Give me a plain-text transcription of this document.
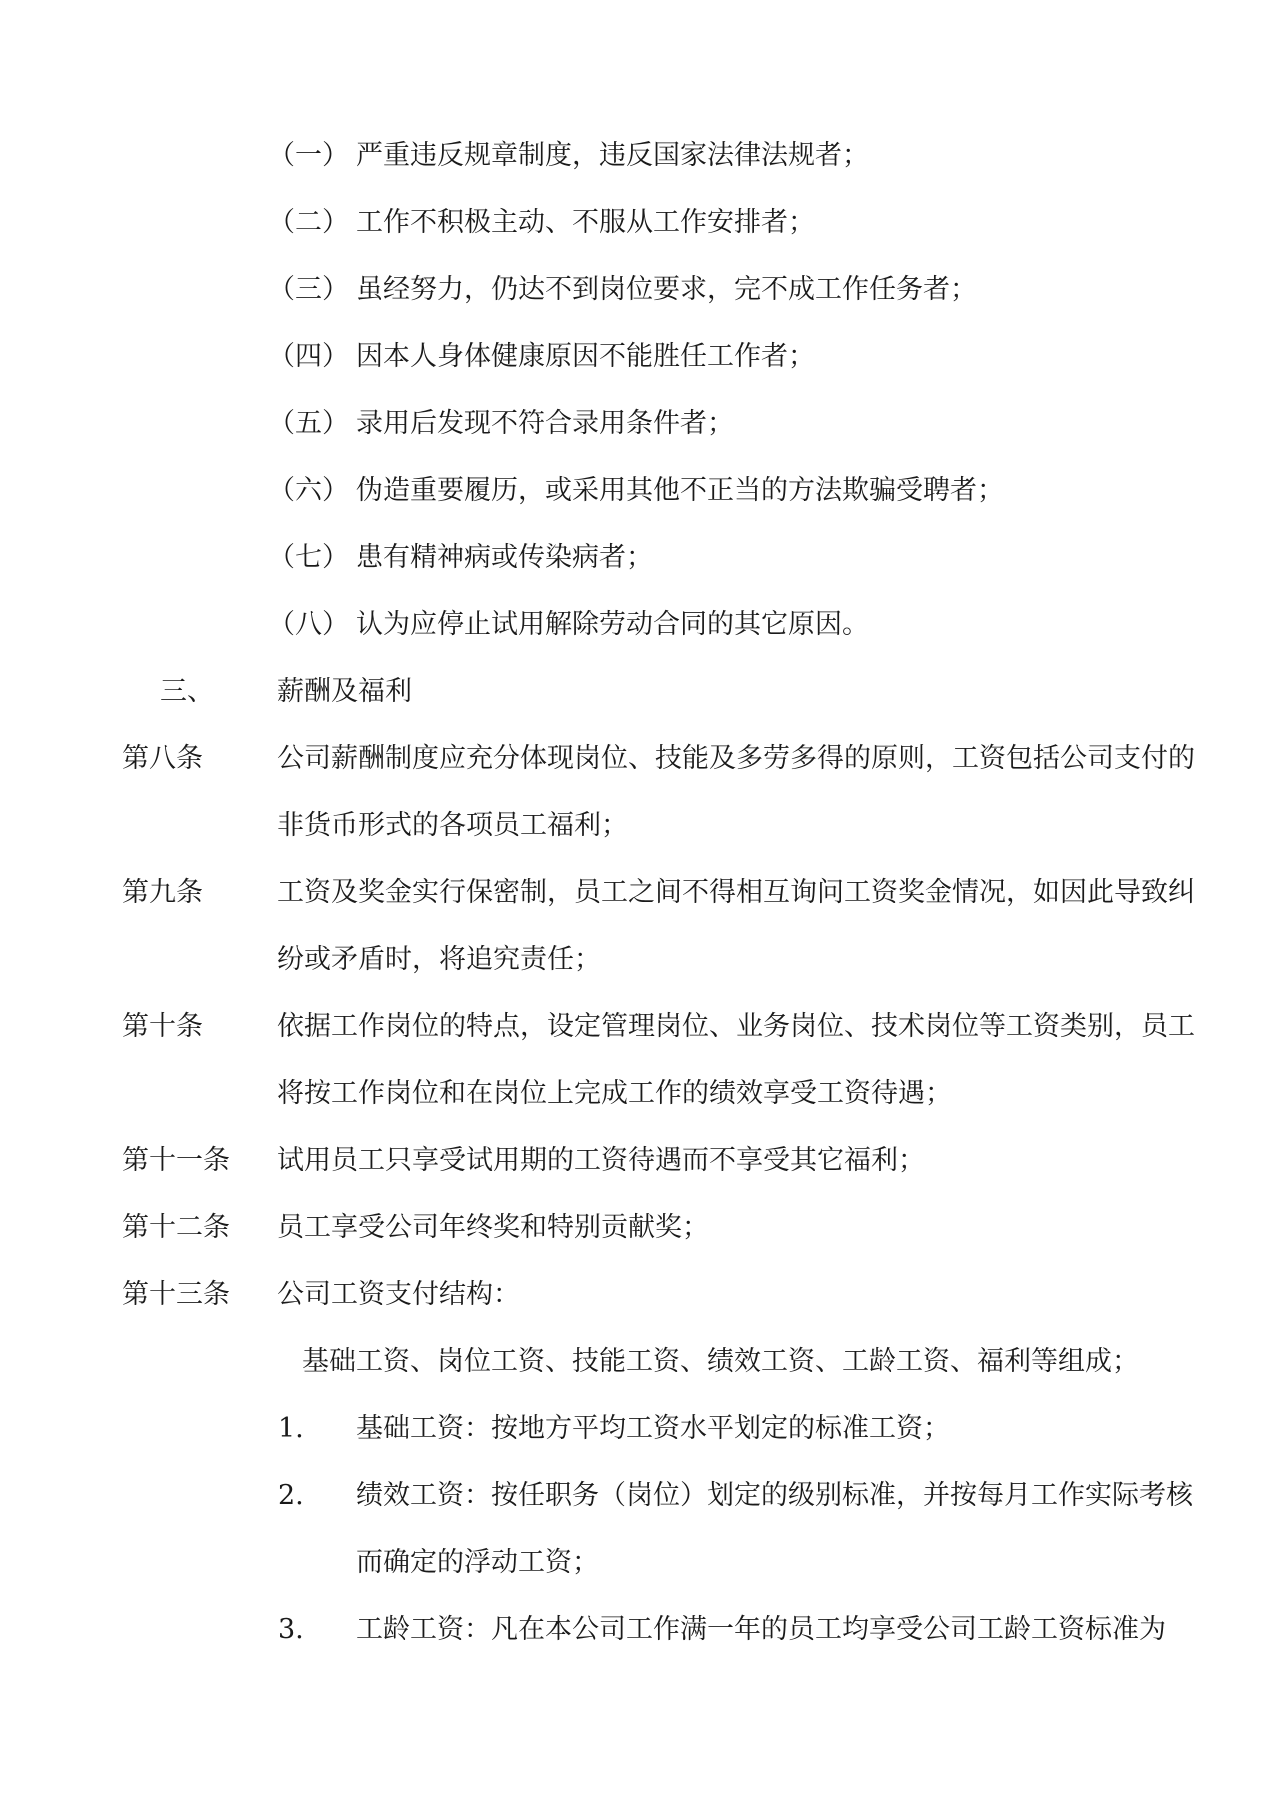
（一） 严重违反规章制度，违反国家法律法规者；
（二） 工作不积极主动、不服从工作安排者；
（三） 虽经努力，仍达不到岗位要求，完不成工作任务者；
（四） 因本人身体健康原因不能胜任工作者；
（五） 录用后发现不符合录用条件者；
（六） 伪造重要履历，或采用其他不正当的方法欺骗受聘者；
（七） 患有精神病或传染病者；
（八） 认为应停止试用解除劳动合同的其它原因。
三、 薪酬及福利
第八条	公司薪酬制度应充分体现岗位、技能及多劳多得的原则，工资包括公司支付的
非货币形式的各项员工福利；
第九条	工资及奖金实行保密制，员工之间不得相互询问工资奖金情况，如因此导致纠
纷或矛盾时，将追究责任；
第十条	依据工作岗位的特点，设定管理岗位、业务岗位、技术岗位等工资类别，员工
将按工作岗位和在岗位上完成工作的绩效享受工资待遇；
第十一条 试用员工只享受试用期的工资待遇而不享受其它福利；
第十二条 员工享受公司年终奖和特别贡献奖；
第十三条 公司工资支付结构：
基础工资、岗位工资、技能工资、绩效工资、工龄工资、福利等组成；
1. 基础工资：按地方平均工资水平划定的标准工资；
2. 绩效工资：按任职务（岗位）划定的级别标准，并按每月工作实际考核
而确定的浮动工资；
3. 工龄工资：凡在本公司工作满一年的员工均享受公司工龄工资标准为
